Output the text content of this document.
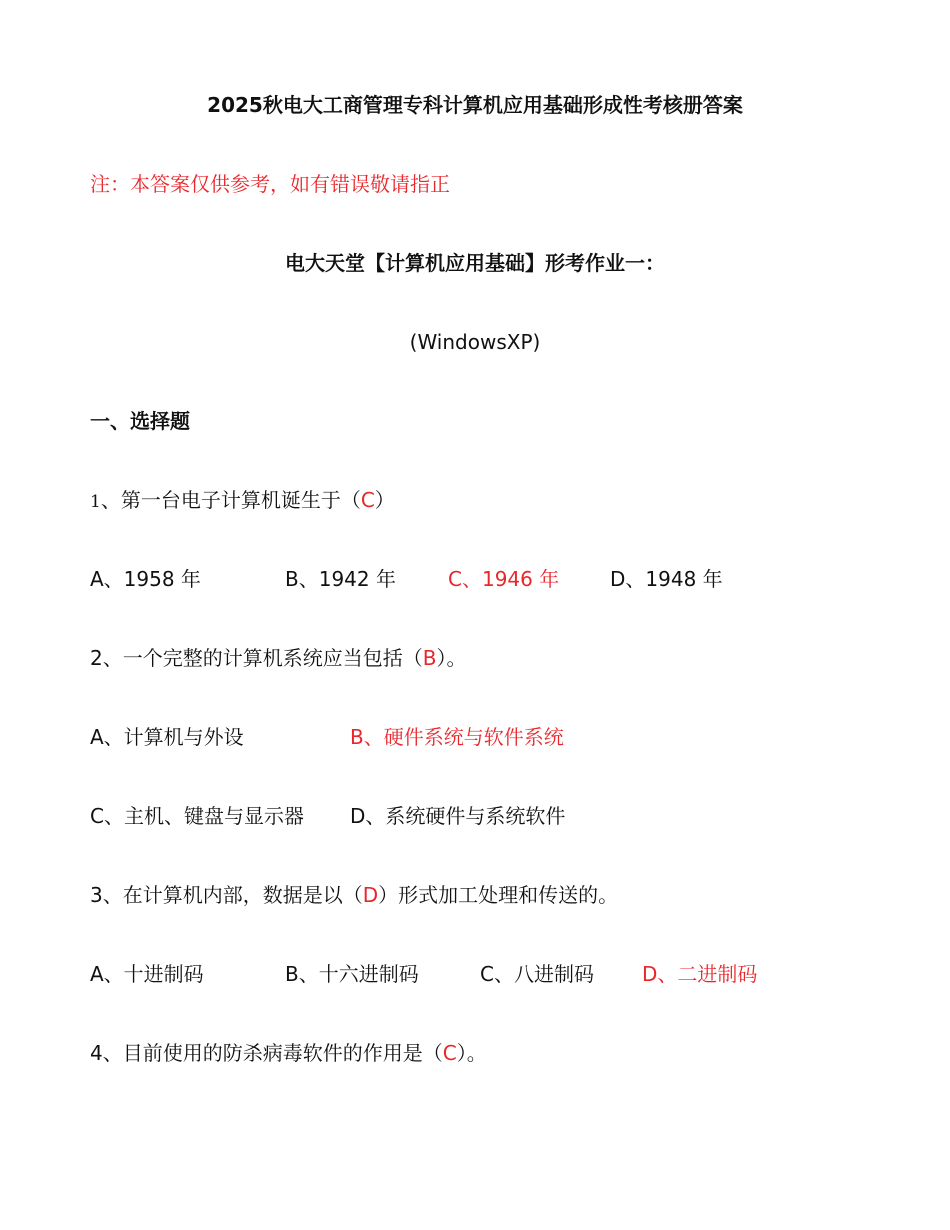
2025秋电大工商管理专科计算机应用基础形成性考核册答案
注：本答案仅供参考，如有错误敬请指正
电大天堂【计算机应用基础】形考作业一：
(WindowsXP)
一、选择题
1、第一台电子计算机诞生于（C）
A、1958 年	B、1942 年	C、1946 年	D、1948 年
2、一个完整的计算机系统应当包括（B）。
A、计算机与外设	B、硬件系统与软件系统
C、主机、键盘与显示器 D、系统硬件与系统软件
3、在计算机内部，数据是以（D）形式加工处理和传送的。
A、十进制码	B、十六进制码	C、八进制码 D、二进制码
4、目前使用的防杀病毒软件的作用是（C）。
